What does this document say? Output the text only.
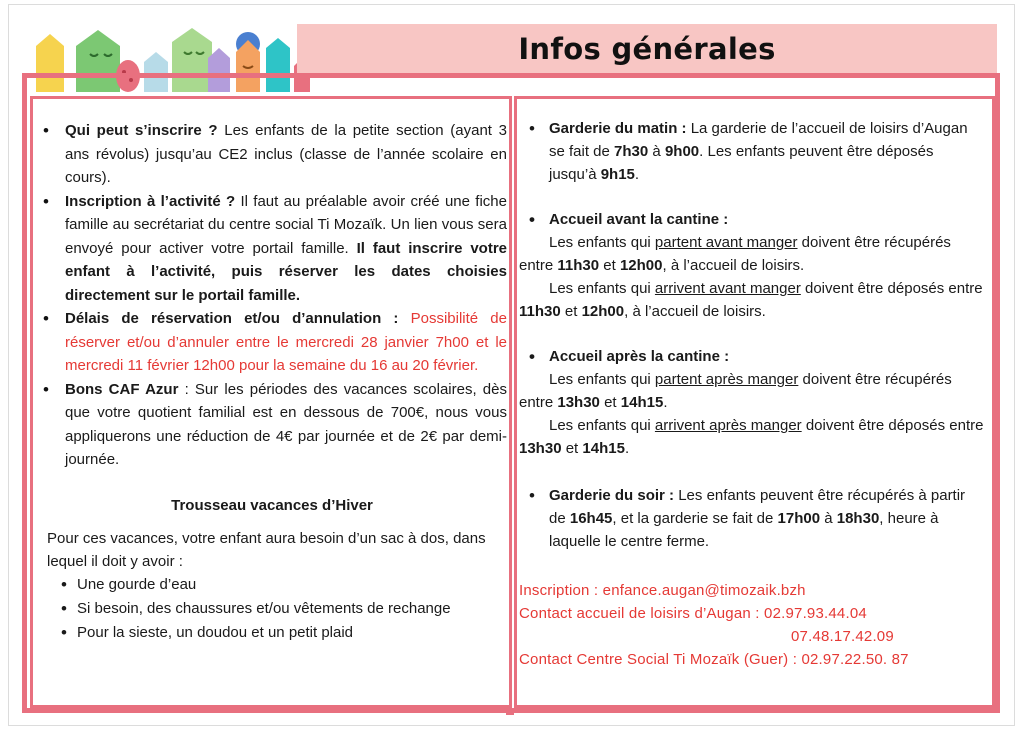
Infos générales
• Qui peut s’inscrire ? Les enfants de la petite section (ayant 3 ans révolus) jusqu’au CE2 inclus (classe de l’année scolaire en cours).
• Inscription à l’activité ? Il faut au préalable avoir créé une fiche famille au secrétariat du centre social Ti Mozaïk. Un lien vous sera envoyé pour activer votre portail famille. Il faut inscrire votre enfant à l’activité, puis réserver les dates choisies directement sur le portail famille.
• Délais de réservation et/ou d’annulation : Possibilité de réserver et/ou d’annuler entre le mercredi 28 janvier 7h00 et le mercredi 11 février 12h00 pour la semaine du 16 au 20 février.
• Bons CAF Azur : Sur les périodes des vacances scolaires, dès que votre quotient familial est en dessous de 700€, nous vous appliquerons une réduction de 4€ par journée et de 2€ par demi-journée.
Trousseau vacances d’Hiver
Pour ces vacances, votre enfant aura besoin d’un sac à dos, dans lequel il doit y avoir :
• Une gourde d’eau
• Si besoin, des chaussures et/ou vêtements de rechange
• Pour la sieste, un doudou et un petit plaid
• Garderie du matin : La garderie de l’accueil de loisirs d’Augan se fait de 7h30 à 9h00. Les enfants peuvent être déposés jusqu’à 9h15.
• Accueil avant la cantine :
Les enfants qui partent avant manger doivent être récupérés entre 11h30 et 12h00, à l’accueil de loisirs.
Les enfants qui arrivent avant manger doivent être déposés entre 11h30 et 12h00, à l’accueil de loisirs.
• Accueil après la cantine :
Les enfants qui partent après manger doivent être récupérés entre 13h30 et 14h15.
Les enfants qui arrivent après manger doivent être déposés entre 13h30 et 14h15.
• Garderie du soir : Les enfants peuvent être récupérés à partir de 16h45, et la garderie se fait de 17h00 à 18h30, heure à laquelle le centre ferme.
Inscription : enfance.augan@timozaik.bzh
Contact accueil de loisirs d’Augan : 02.97.93.44.04
07.48.17.42.09
Contact Centre Social Ti Mozaïk (Guer) : 02.97.22.50. 87
